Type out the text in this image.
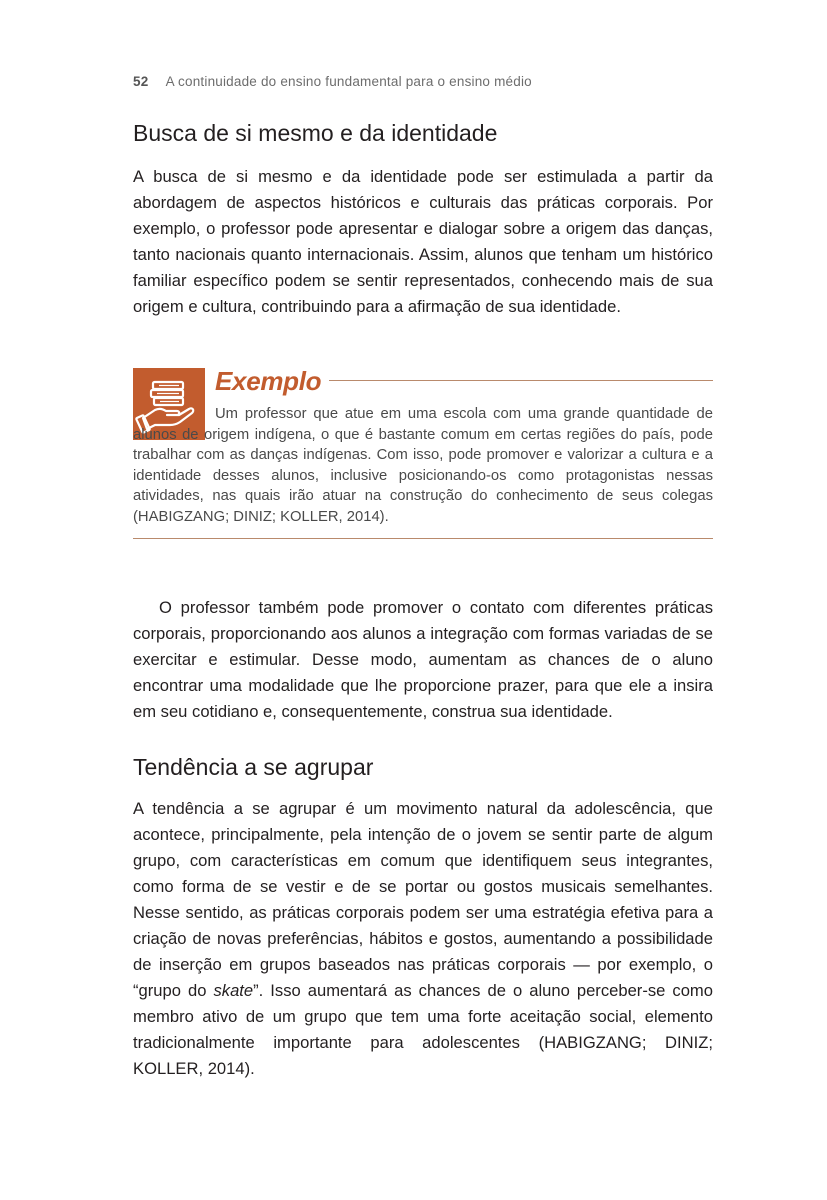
52 A continuidade do ensino fundamental para o ensino médio
Busca de si mesmo e da identidade

A busca de si mesmo e da identidade pode ser estimulada a partir da abordagem de aspectos históricos e culturais das práticas corporais. Por exemplo, o professor pode apresentar e dialogar sobre a origem das danças, tanto nacionais quanto internacionais. Assim, alunos que tenham um histórico familiar específico podem se sentir representados, conhecendo mais de sua origem e cultura, contribuindo para a afirmação de sua identidade.

Exemplo

Um professor que atue em uma escola com uma grande quantidade de alunos de origem indígena, o que é bastante comum em certas regiões do país, pode trabalhar com as danças indígenas. Com isso, pode promover e valorizar a cultura e a identidade desses alunos, inclusive posicionando-os como protagonistas nessas atividades, nas quais irão atuar na construção do conhecimento de seus colegas (HABIGZANG; DINIZ; KOLLER, 2014).

O professor também pode promover o contato com diferentes práticas corporais, proporcionando aos alunos a integração com formas variadas de se exercitar e estimular. Desse modo, aumentam as chances de o aluno encontrar uma modalidade que lhe proporcione prazer, para que ele a insira em seu cotidiano e, consequentemente, construa sua identidade.

Tendência a se agrupar

A tendência a se agrupar é um movimento natural da adolescência, que acontece, principalmente, pela intenção de o jovem se sentir parte de algum grupo, com características em comum que identifiquem seus integrantes, como forma de se vestir e de se portar ou gostos musicais semelhantes. Nesse sentido, as práticas corporais podem ser uma estratégia efetiva para a criação de novas preferências, hábitos e gostos, aumentando a possibilidade de inserção em grupos baseados nas práticas corporais — por exemplo, o “grupo do skate”. Isso aumentará as chances de o aluno perceber-se como membro ativo de um grupo que tem uma forte aceitação social, elemento tradicionalmente importante para adolescentes (HABIGZANG; DINIZ; KOLLER, 2014).
